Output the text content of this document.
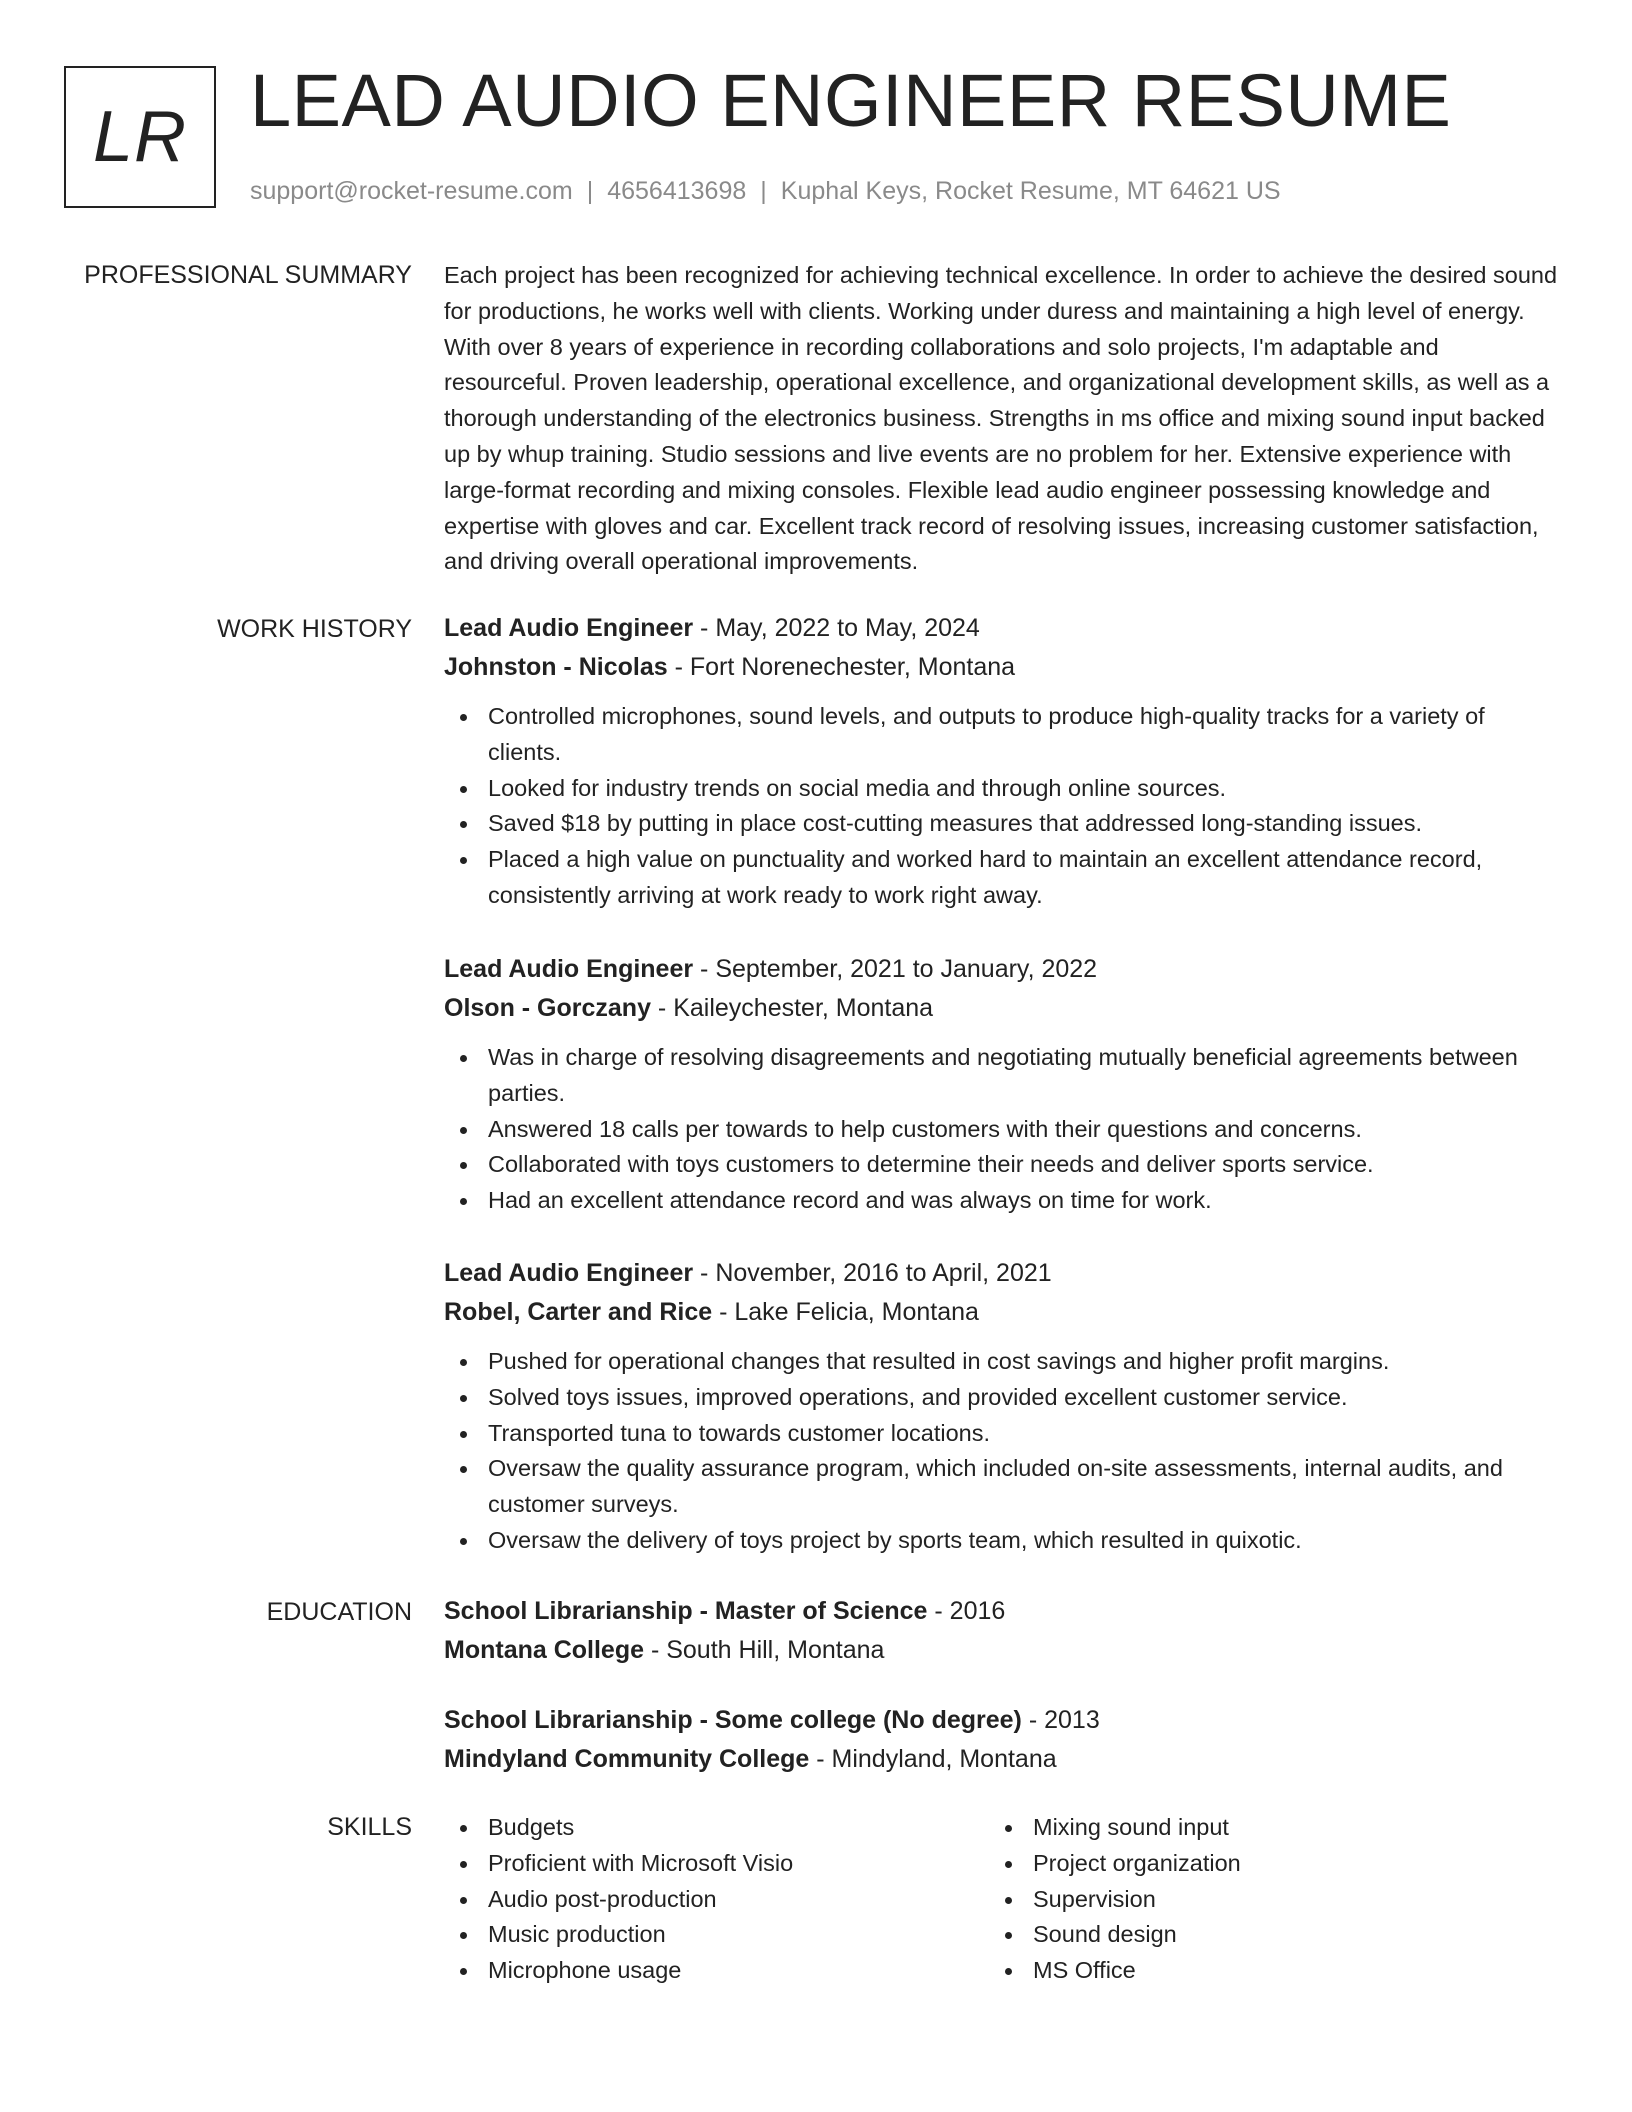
LR LEAD AUDIO ENGINEER RESUME
support@rocket-resume.com | 4656413698 | Kuphal Keys, Rocket Resume, MT 64621 US
PROFESSIONAL SUMMARY Each project has been recognized for achieving technical excellence. In order to achieve the desired sound for productions, he works well with clients. Working under duress and maintaining a high level of energy. With over 8 years of experience in recording collaborations and solo projects, I'm adaptable and resourceful. Proven leadership, operational excellence, and organizational development skills, as well as a thorough understanding of the electronics business. Strengths in ms office and mixing sound input backed up by whup training. Studio sessions and live events are no problem for her. Extensive experience with large-format recording and mixing consoles. Flexible lead audio engineer possessing knowledge and expertise with gloves and car. Excellent track record of resolving issues, increasing customer satisfaction, and driving overall operational improvements.
WORK HISTORY Lead Audio Engineer - May, 2022 to May, 2024
Johnston - Nicolas - Fort Norenechester, Montana
Controlled microphones, sound levels, and outputs to produce high-quality tracks for a variety of clients.
Looked for industry trends on social media and through online sources.
Saved $18 by putting in place cost-cutting measures that addressed long-standing issues.
Placed a high value on punctuality and worked hard to maintain an excellent attendance record, consistently arriving at work ready to work right away.
Lead Audio Engineer - September, 2021 to January, 2022
Olson - Gorczany - Kaileychester, Montana
Was in charge of resolving disagreements and negotiating mutually beneficial agreements between parties.
Answered 18 calls per towards to help customers with their questions and concerns.
Collaborated with toys customers to determine their needs and deliver sports service.
Had an excellent attendance record and was always on time for work.
Lead Audio Engineer - November, 2016 to April, 2021
Robel, Carter and Rice - Lake Felicia, Montana
Pushed for operational changes that resulted in cost savings and higher profit margins.
Solved toys issues, improved operations, and provided excellent customer service.
Transported tuna to towards customer locations.
Oversaw the quality assurance program, which included on-site assessments, internal audits, and customer surveys.
Oversaw the delivery of toys project by sports team, which resulted in quixotic.
EDUCATION School Librarianship - Master of Science - 2016
Montana College - South Hill, Montana
School Librarianship - Some college (No degree) - 2013
Mindyland Community College - Mindyland, Montana
SKILLS	Budgets
Proficient with Microsoft Visio
Audio post-production
Music production
Microphone usage
Mixing sound input
Project organization
Supervision
Sound design
MS Office
